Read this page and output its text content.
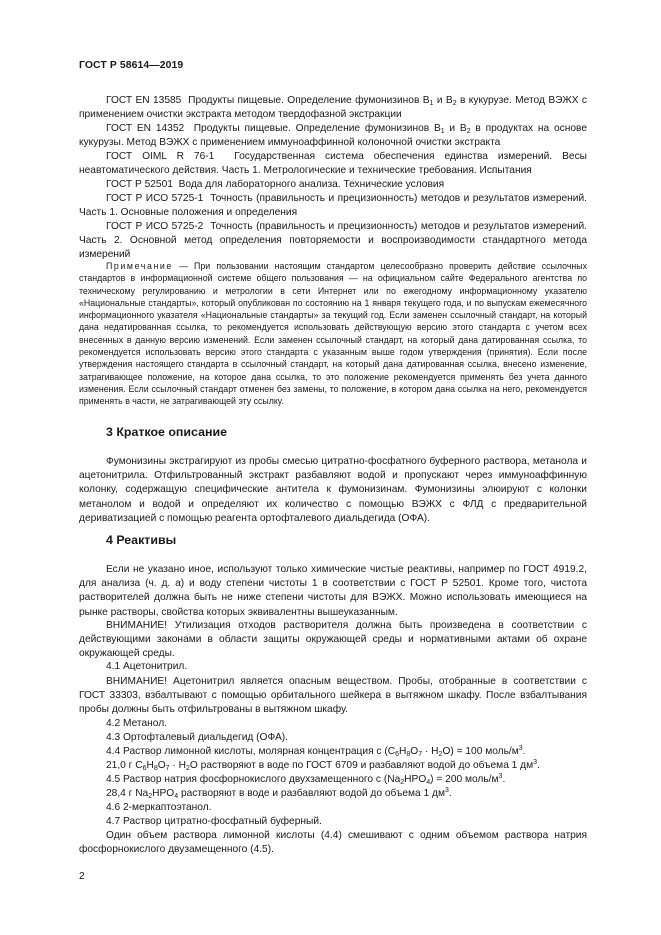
ГОСТ Р 58614—2019

ГОСТ EN 13585 Продукты пищевые. Определение фумонизинов $B_1$ и $B_2$ в кукурузе. Метод ВЭЖХ с применением очистки экстракта методом твердофазной экстракции

ГОСТ EN 14352 Продукты пищевые. Определение фумонизинов $B_1$ и $B_2$ в продуктах на основе кукурузы. Метод ВЭЖХ с применением иммуноаффинной колоночной очистки экстракта

ГОСТ OIML R 76-1 Государственная система обеспечения единства измерений. Весы неавтоматического действия. Часть 1. Метрологические и технические требования. Испытания

ГОСТ Р 52501 Вода для лабораторного анализа. Технические условия

ГОСТ Р ИСО 5725-1 Точность (правильность и прецизионность) методов и результатов измерений. Часть 1. Основные положения и определения

ГОСТ Р ИСО 5725-2 Точность (правильность и прецизионность) методов и результатов измерений. Часть 2. Основной метод определения повторяемости и воспроизводимости стандартного метода измерений

Примечание — При пользовании настоящим стандартом целесообразно проверить действие ссылочных стандартов в информационной системе общего пользования — на официальном сайте Федерального агентства по техническому регулированию и метрологии в сети Интернет или по ежегодному информационному указателю «Национальные стандарты», который опубликован по состоянию на 1 января текущего года, и по выпускам ежемесячного информационного указателя «Национальные стандарты» за текущий год. Если заменен ссылочный стандарт, на который дана недатированная ссылка, то рекомендуется использовать действующую версию этого стандарта с учетом всех внесенных в данную версию изменений. Если заменен ссылочный стандарт, на который дана датированная ссылка, то рекомендуется использовать версию этого стандарта с указанным выше годом утверждения (принятия). Если после утверждения настоящего стандарта в ссылочный стандарт, на который дана датированная ссылка, внесено изменение, затрагивающее положение, на которое дана ссылка, то это положение рекомендуется применять без учета данного изменения. Если ссылочный стандарт отменен без замены, то положение, в котором дана ссылка на него, рекомендуется применять в части, не затрагивающей эту ссылку.

3 Краткое описание

Фумонизины экстрагируют из пробы смесью цитратно-фосфатного буферного раствора, метанола и ацетонитрила. Отфильтрованный экстракт разбавляют водой и пропускают через иммуноаффинную колонку, содержащую специфические антитела к фумонизинам. Фумонизины элюируют с колонки метанолом и водой и определяют их количество с помощью ВЭЖХ с ФЛД с предварительной дериватизацией с помощью реагента ортофталевого диальдегида (ОФА).

4 Реактивы

Если не указано иное, используют только химические чистые реактивы, например по ГОСТ 4919.2, для анализа (ч. д. а) и воду степени чистоты 1 в соответствии с ГОСТ Р 52501. Кроме того, чистота растворителей должна быть не ниже степени чистоты для ВЭЖХ. Можно использовать имеющиеся на рынке растворы, свойства которых эквивалентны вышеуказанным.

ВНИМАНИЕ! Утилизация отходов растворителя должна быть произведена в соответствии с действующими законами в области защиты окружающей среды и нормативными актами об охране окружающей среды.

4.1 Ацетонитрил.

ВНИМАНИЕ! Ацетонитрил является опасным веществом. Пробы, отобранные в соответствии с ГОСТ 33303, взбалтывают с помощью орбитального шейкера в вытяжном шкафу. После взбалтывания пробы должны быть отфильтрованы в вытяжном шкафу.

4.2 Метанол.

4.3 Ортофталевый диальдегид (ОФА).

4.4 Раствор лимонной кислоты, молярная концентрация с $(C_6H_8O_7 \cdot H_2O) = 100$ моль/$м^3$.

21,0 г $C_6H_8O_7 \cdot H_2O$ растворяют в воде по ГОСТ 6709 и разбавляют водой до объема 1 $дм^3$.

4.5 Раствор натрия фосфорнокислого двухзамещенного с $(Na_2HPO_4) = 200$ моль/$м^3$.

28,4 г $Na_2HPO_4$ растворяют в воде и разбавляют водой до объема 1 $дм^3$.

4.6 2-меркаптоэтанол.

4.7 Раствор цитратно-фосфатный буферный.

Один объем раствора лимонной кислоты (4.4) смешивают с одним объемом раствора натрия фосфорнокислого двузамещенного (4.5).

2
